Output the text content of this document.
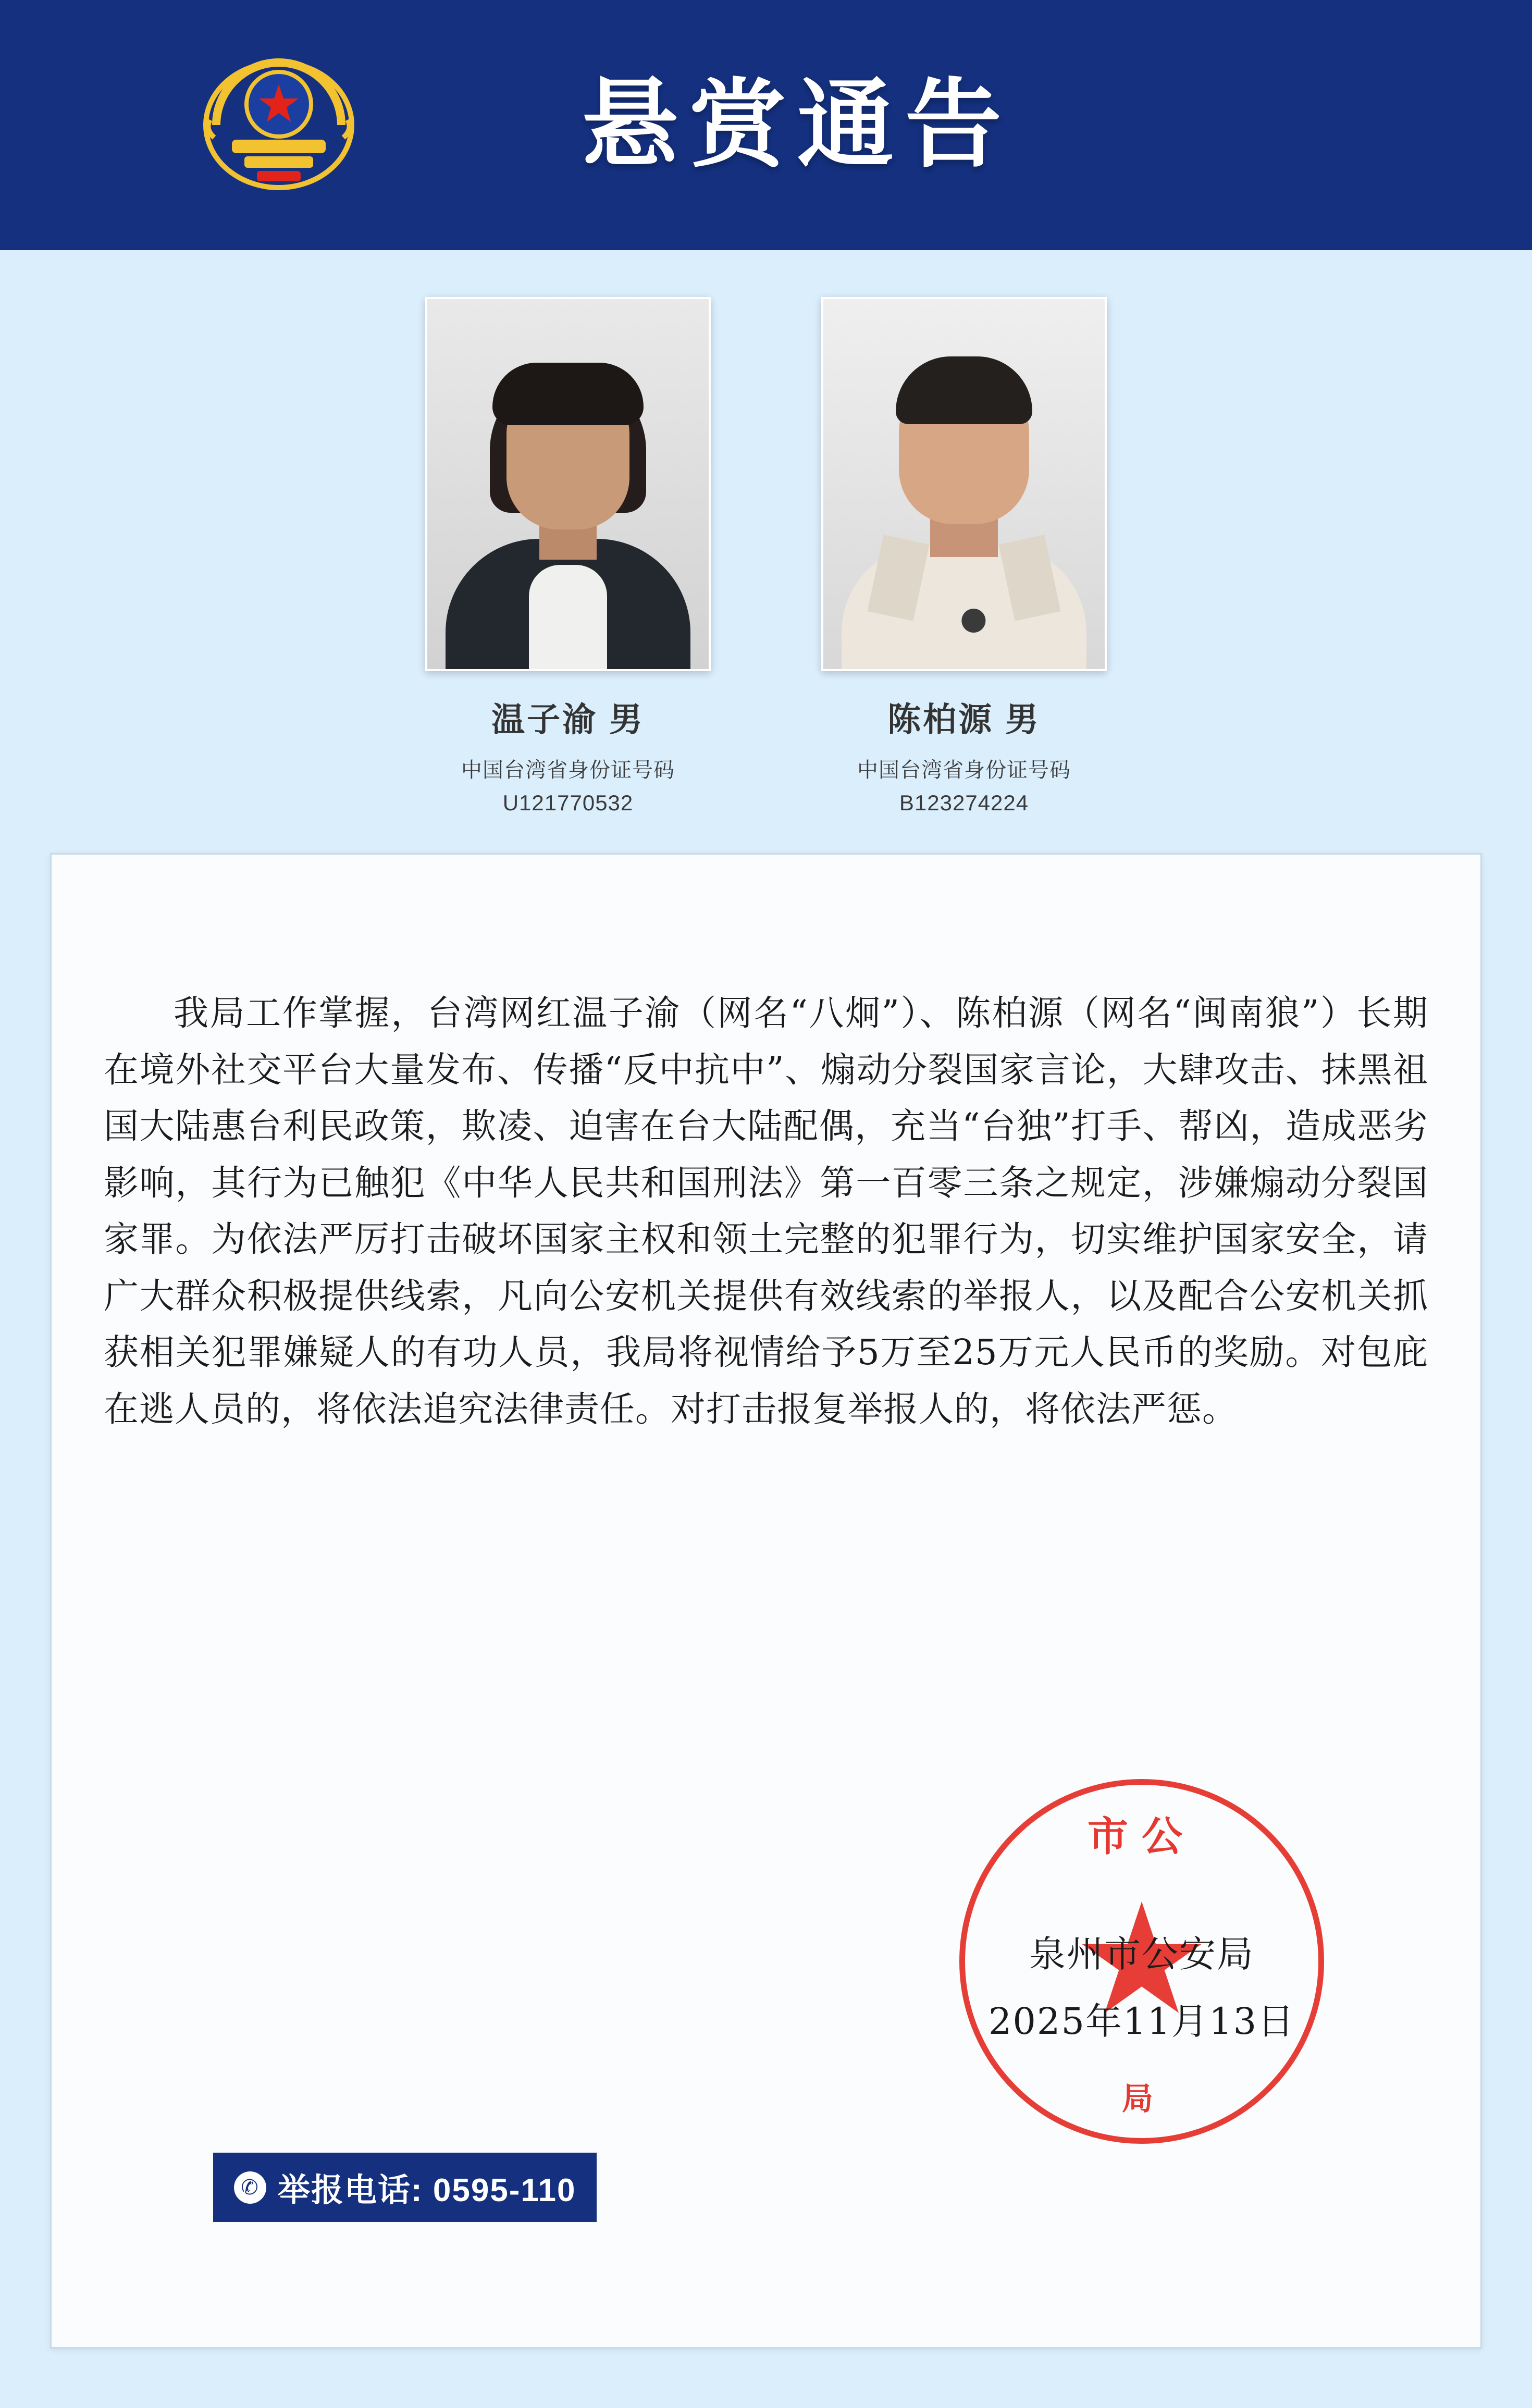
悬赏通告
温子渝 男
中国台湾省身份证号码
U121770532
陈柏源 男
中国台湾省身份证号码
B123274224
我局工作掌握，台湾网红温子渝（网名“八炯”）、陈柏源（网名“闽南狼”）长期在境外社交平台大量发布、传播“反中抗中”、煽动分裂国家言论，大肆攻击、抹黑祖国大陆惠台利民政策，欺凌、迫害在台大陆配偶，充当“台独”打手、帮凶，造成恶劣影响，其行为已触犯《中华人民共和国刑法》第一百零三条之规定，涉嫌煽动分裂国家罪。为依法严厉打击破坏国家主权和领土完整的犯罪行为，切实维护国家安全，请广大群众积极提供线索，凡向公安机关提供有效线索的举报人，以及配合公安机关抓获相关犯罪嫌疑人的有功人员，我局将视情给予5万至25万元人民币的奖励。对包庇在逃人员的，将依法追究法律责任。对打击报复举报人的，将依法严惩。
市公
局
泉州市公安局
2025年11月13日
✆ 举报电话: 0595-110
